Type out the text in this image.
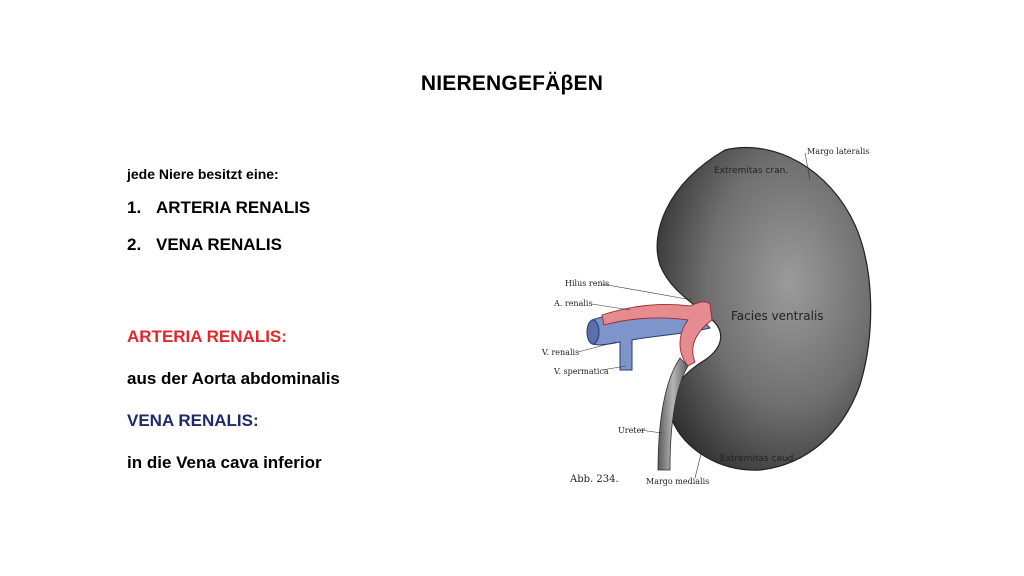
NIERENGEFÄβEN

jede Niere besitzt eine:

1. ARTERIA RENALIS
2. VENA RENALIS

ARTERIA RENALIS:

aus der Aorta abdominalis

VENA RENALIS:

in die Vena cava inferior

Margo lateralis
Extremitas cran.
Hilus renis
A. renalis
Facies ventralis
V. renalis
V. spermatica
Ureter
Extremitas caud.
Abb. 234.	Margo medialis
